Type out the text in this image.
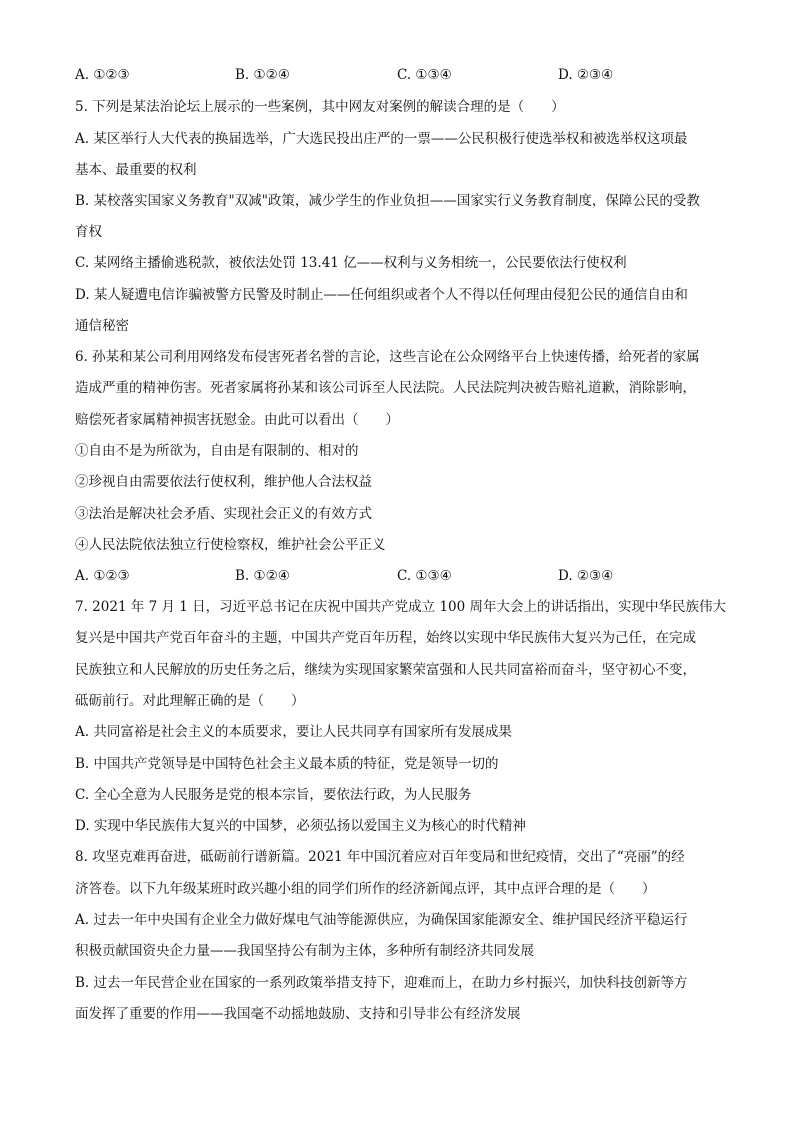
A. ①②③	B. ①②④	C. ①③④	D. ②③④
5. 下列是某法治论坛上展示的一些案例，其中网友对案例的解读合理的是（　　）
A. 某区举行人大代表的换届选举，广大选民投出庄严的一票——公民积极行使选举权和被选举权这项最
基本、最重要的权利
B. 某校落实国家义务教育"双减"政策，减少学生的作业负担——国家实行义务教育制度，保障公民的受教
育权
C. 某网络主播偷逃税款，被依法处罚 13.41 亿——权利与义务相统一，公民要依法行使权利
D. 某人疑遭电信诈骗被警方民警及时制止——任何组织或者个人不得以任何理由侵犯公民的通信自由和
通信秘密
6. 孙某和某公司利用网络发布侵害死者名誉的言论，这些言论在公众网络平台上快速传播，给死者的家属
造成严重的精神伤害。死者家属将孙某和该公司诉至人民法院。人民法院判决被告赔礼道歉，消除影响，
赔偿死者家属精神损害抚慰金。由此可以看出（　　）
①自由不是为所欲为，自由是有限制的、相对的
②珍视自由需要依法行使权利，维护他人合法权益
③法治是解决社会矛盾、实现社会正义的有效方式
④人民法院依法独立行使检察权，维护社会公平正义
A. ①②③	B. ①②④	C. ①③④	D. ②③④
7. 2021 年 7 月 1 日，习近平总书记在庆祝中国共产党成立 100 周年大会上的讲话指出，实现中华民族伟大
复兴是中国共产党百年奋斗的主题，中国共产党百年历程，始终以实现中华民族伟大复兴为己任，在完成
民族独立和人民解放的历史任务之后，继续为实现国家繁荣富强和人民共同富裕而奋斗，坚守初心不变，
砥砺前行。对此理解正确的是（　　）
A. 共同富裕是社会主义的本质要求，要让人民共同享有国家所有发展成果
B. 中国共产党领导是中国特色社会主义最本质的特征，党是领导一切的
C. 全心全意为人民服务是党的根本宗旨，要依法行政，为人民服务
D. 实现中华民族伟大复兴的中国梦，必须弘扬以爱国主义为核心的时代精神
8. 攻坚克难再奋进，砥砺前行谱新篇。2021 年中国沉着应对百年变局和世纪疫情，交出了“亮丽”的经
济答卷。以下九年级某班时政兴趣小组的同学们所作的经济新闻点评，其中点评合理的是（　　）
A. 过去一年中央国有企业全力做好煤电气油等能源供应，为确保国家能源安全、维护国民经济平稳运行
积极贡献国资央企力量——我国坚持公有制为主体，多种所有制经济共同发展
B. 过去一年民营企业在国家的一系列政策举措支持下，迎难而上，在助力乡村振兴，加快科技创新等方
面发挥了重要的作用——我国毫不动摇地鼓励、支持和引导非公有经济发展
